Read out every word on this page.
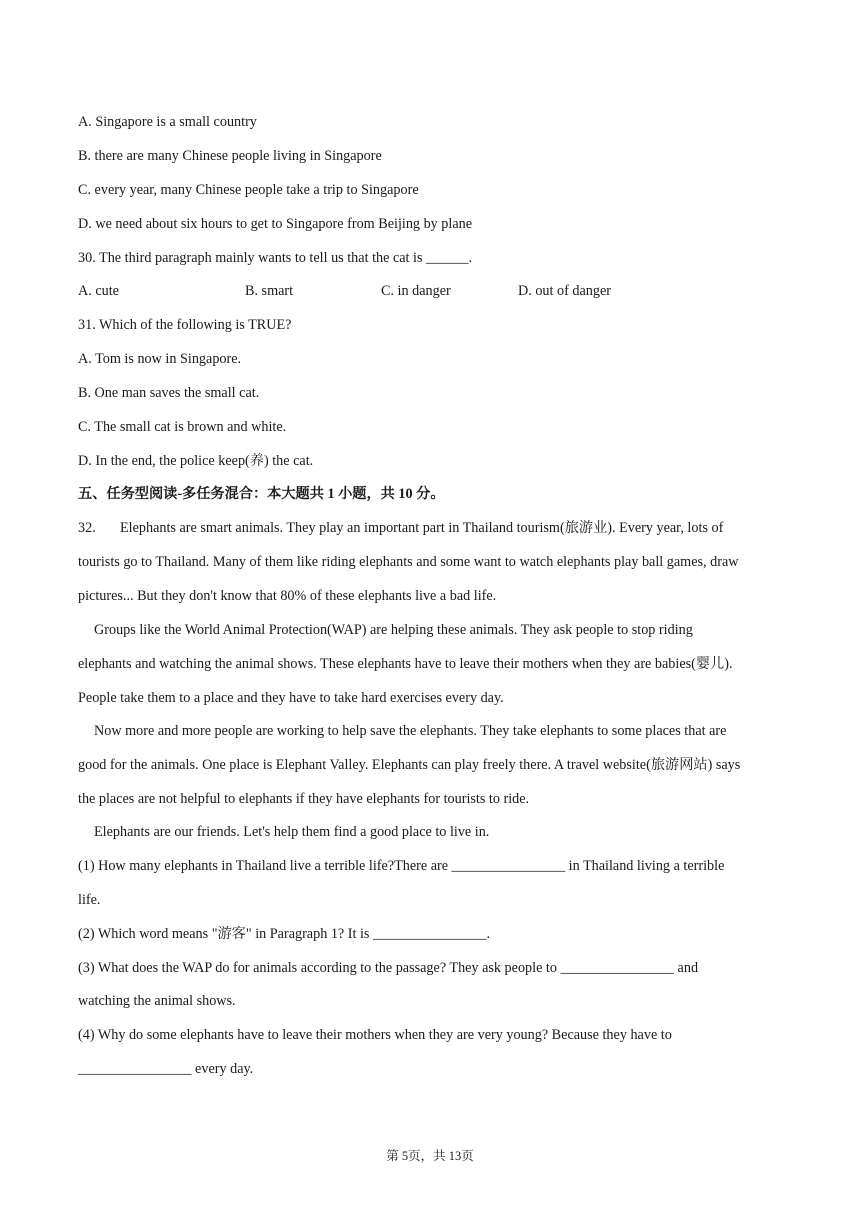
A. Singapore is a small country
B. there are many Chinese people living in Singapore
C. every year, many Chinese people take a trip to Singapore
D. we need about six hours to get to Singapore from Beijing by plane
30. The third paragraph mainly wants to tell us that the cat is ______.
A. cute	B. smart	C. in danger	D. out of danger
31. Which of the following is TRUE?
A. Tom is now in Singapore.
B. One man saves the small cat.
C. The small cat is brown and white.
D. In the end, the police keep(养) the cat.
五、任务型阅读-多任务混合：本大题共 1 小题，共 10 分。
32. Elephants are smart animals. They play an important part in Thailand tourism(旅游业). Every year, lots of
tourists go to Thailand. Many of them like riding elephants and some want to watch elephants play ball games, draw
pictures... But they don't know that 80% of these elephants live a bad life.
Groups like the World Animal Protection(WAP) are helping these animals. They ask people to stop riding
elephants and watching the animal shows. These elephants have to leave their mothers when they are babies(婴儿).
People take them to a place and they have to take hard exercises every day.
Now more and more people are working to help save the elephants. They take elephants to some places that are
good for the animals. One place is Elephant Valley. Elephants can play freely there. A travel website(旅游网站) says
the places are not helpful to elephants if they have elephants for tourists to ride.
Elephants are our friends. Let's help them find a good place to live in.
(1) How many elephants in Thailand live a terrible life?There are ________________ in Thailand living a terrible
life.
(2) Which word means "游客" in Paragraph 1? It is ________________.
(3) What does the WAP do for animals according to the passage? They ask people to ________________ and
watching the animal shows.
(4) Why do some elephants have to leave their mothers when they are very young? Because they have to
________________ every day.
第 5页，共 13页
